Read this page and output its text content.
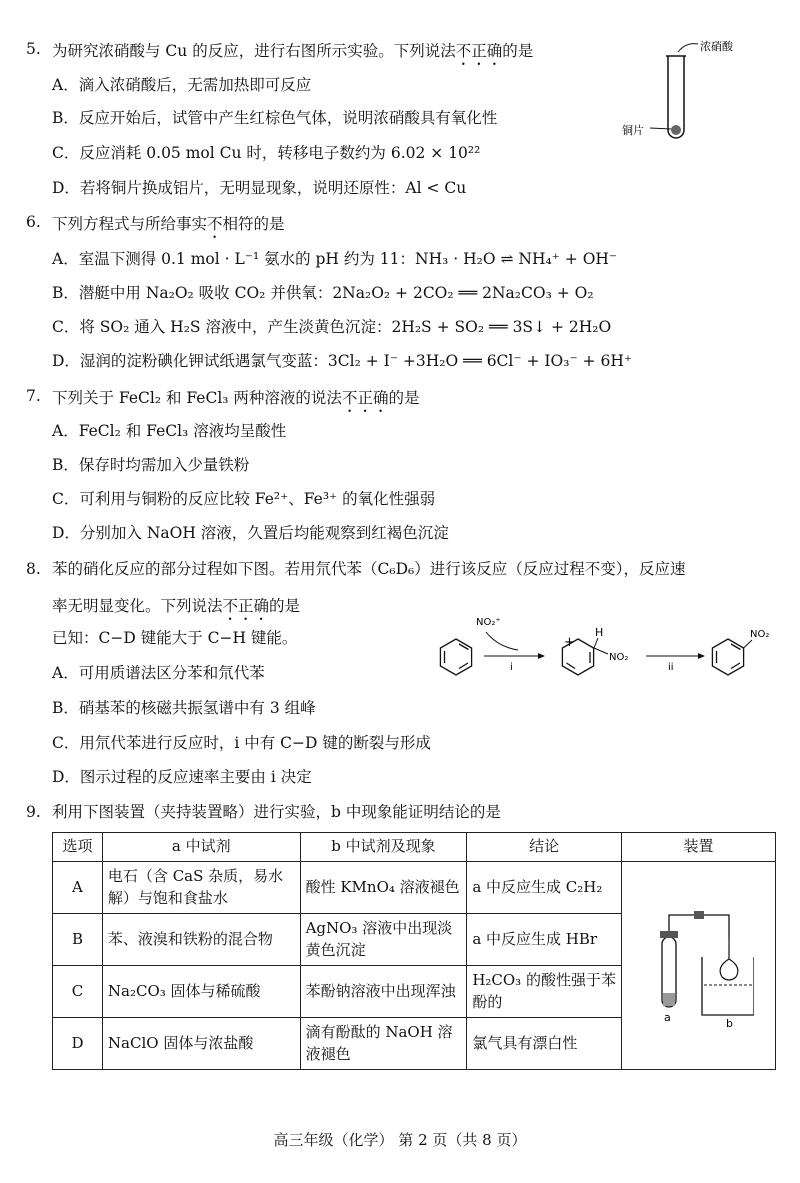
5. 为研究浓硝酸与 Cu 的反应，进行右图所示实验。下列说法不正确的是
A．滴入浓硝酸后，无需加热即可反应
B．反应开始后，试管中产生红棕色气体，说明浓硝酸具有氧化性
C．反应消耗 0.05 mol Cu 时，转移电子数约为 6.02 × 10²²
D．若将铜片换成铝片，无明显现象，说明还原性：Al < Cu
浓硝酸
铜片
6. 下列方程式与所给事实不相符的是
A．室温下测得 0.1 mol · L⁻¹ 氨水的 pH 约为 11：NH₃ · H₂O ⇌ NH₄⁺ + OH⁻
B．潜艇中用 Na₂O₂ 吸收 CO₂ 并供氧：2Na₂O₂ + 2CO₂ ══ 2Na₂CO₃ + O₂
C．将 SO₂ 通入 H₂S 溶液中，产生淡黄色沉淀：2H₂S + SO₂ ══ 3S↓ + 2H₂O
D．湿润的淀粉碘化钾试纸遇氯气变蓝：3Cl₂ + I⁻ +3H₂O ══ 6Cl⁻ + IO₃⁻ + 6H⁺
7. 下列关于 FeCl₂ 和 FeCl₃ 两种溶液的说法不正确的是
A．FeCl₂ 和 FeCl₃ 溶液均呈酸性
B．保存时均需加入少量铁粉
C．可利用与铜粉的反应比较 Fe²⁺、Fe³⁺ 的氧化性强弱
D．分别加入 NaOH 溶液，久置后均能观察到红褐色沉淀
8. 苯的硝化反应的部分过程如下图。若用氘代苯（C₆D₆）进行该反应（反应过程不变），反应速
率无明显变化。下列说法不正确的是
已知：C−D 键能大于 C−H 键能。
A．可用质谱法区分苯和氘代苯
B．硝基苯的核磁共振氢谱中有 3 组峰
C．用氘代苯进行反应时，i 中有 C−D 键的断裂与形成
D．图示过程的反应速率主要由 i 决定
NO₂⁺
i
+
H
NO₂
ii
NO₂
9. 利用下图装置（夹持装置略）进行实验，b 中现象能证明结论的是
选项	a 中试剂	b 中试剂及现象	结论	装置
A	电石（含 CaS 杂质，易水解）与饱和食盐水	酸性 KMnO₄ 溶液褪色	a 中反应生成 C₂H₂	a b

B	苯、液溴和铁粉的混合物	AgNO₃ 溶液中出现淡黄色沉淀	a 中反应生成 HBr	
C	Na₂CO₃ 固体与稀硫酸	苯酚钠溶液中出现浑浊	H₂CO₃ 的酸性强于苯酚的	
D	NaClO 固体与浓盐酸	滴有酚酞的 NaOH 溶液褪色	氯气具有漂白性	
高三年级（化学） 第 2 页（共 8 页）
